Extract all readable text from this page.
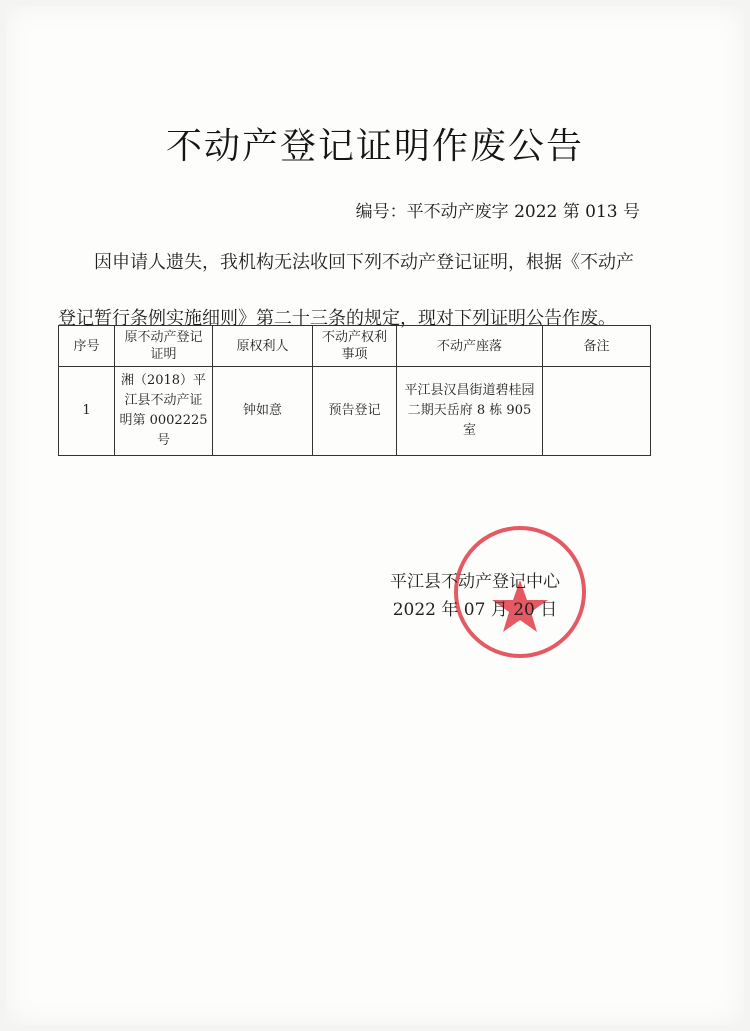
不动产登记证明作废公告
编号：平不动产废字 2022 第 013 号
因申请人遗失，我机构无法收回下列不动产登记证明，根据《不动产登记暂行条例实施细则》第二十三条的规定，现对下列证明公告作废。
序号	原不动产登记证明	原权利人	不动产权利事项	不动产座落	备注
1	湘（2018）平江县不动产证明第 0002225 号	钟如意	预告登记	平江县汉昌街道碧桂园二期天岳府 8 栋 905 室	
平江县不动产登记中心
2022 年 07 月 20 日
